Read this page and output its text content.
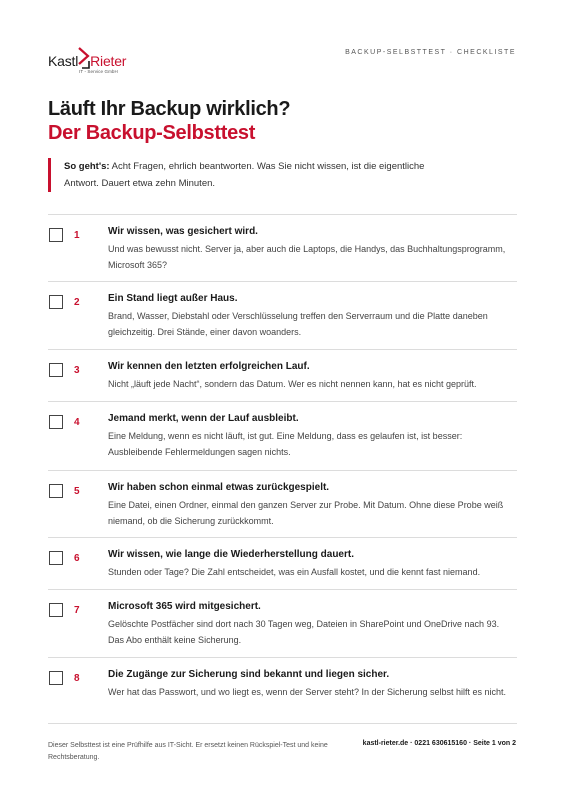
Kastl Rieter
IT - Service GmbH
BACKUP-SELBSTTEST · CHECKLISTE
Läuft Ihr Backup wirklich?
Der Backup-Selbsttest
So geht's: Acht Fragen, ehrlich beantworten. Was Sie nicht wissen, ist die eigentliche Antwort. Dauert etwa zehn Minuten.
1	Wir wissen, was gesichert wird.
Und was bewusst nicht. Server ja, aber auch die Laptops, die Handys, das Buchhaltungsprogramm, Microsoft 365?
2	Ein Stand liegt außer Haus.
Brand, Wasser, Diebstahl oder Verschlüsselung treffen den Serverraum und die Platte daneben gleichzeitig. Drei Stände, einer davon woanders.
3	Wir kennen den letzten erfolgreichen Lauf.
Nicht „läuft jede Nacht“, sondern das Datum. Wer es nicht nennen kann, hat es nicht geprüft.
4	Jemand merkt, wenn der Lauf ausbleibt.
Eine Meldung, wenn es nicht läuft, ist gut. Eine Meldung, dass es gelaufen ist, ist besser: Ausbleibende Fehlermeldungen sagen nichts.
5	Wir haben schon einmal etwas zurückgespielt.
Eine Datei, einen Ordner, einmal den ganzen Server zur Probe. Mit Datum. Ohne diese Probe weiß niemand, ob die Sicherung zurückkommt.
6	Wir wissen, wie lange die Wiederherstellung dauert.
Stunden oder Tage? Die Zahl entscheidet, was ein Ausfall kostet, und die kennt fast niemand.
7	Microsoft 365 wird mitgesichert.
Gelöschte Postfächer sind dort nach 30 Tagen weg, Dateien in SharePoint und OneDrive nach 93. Das Abo enthält keine Sicherung.
8	Die Zugänge zur Sicherung sind bekannt und liegen sicher.
Wer hat das Passwort, und wo liegt es, wenn der Server steht? In der Sicherung selbst hilft es nicht.
Dieser Selbsttest ist eine Prüfhilfe aus IT-Sicht. Er ersetzt keinen Rückspiel-Test und keine Rechtsberatung.
kastl-rieter.de · 0221 630615160 · Seite 1 von 2
